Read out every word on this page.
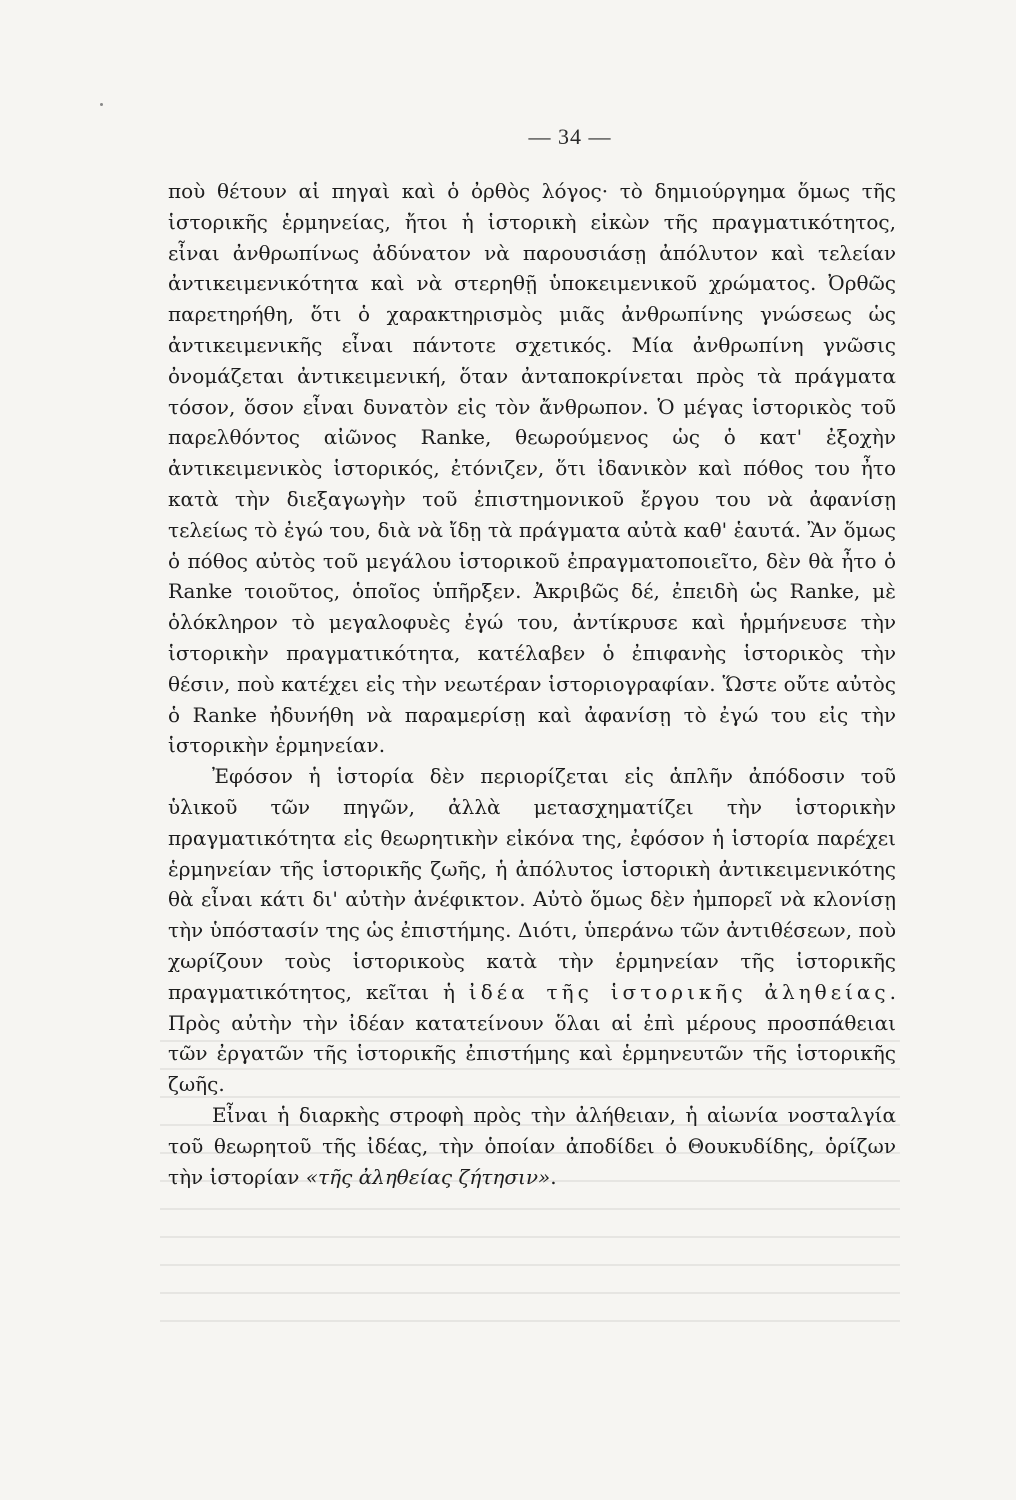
— 34 —

ποὺ θέτουν αἱ πηγαὶ καὶ ὁ ὀρθὸς λόγος· τὸ δημιούργημα ὅμως τῆς ἱστορικῆς ἑρμηνείας, ἤτοι ἡ ἱστορικὴ εἰκὼν τῆς πραγματικότητος, εἶναι ἀνθρωπίνως ἀδύνατον νὰ παρουσιάσῃ ἀπόλυτον καὶ τελείαν ἀντικειμενικότητα καὶ νὰ στερηθῇ ὑποκειμενικοῦ χρώματος. Ὀρθῶς παρετηρήθη, ὅτι ὁ χαρακτηρισμὸς μιᾶς ἀνθρωπίνης γνώσεως ὡς ἀντικειμενικῆς εἶναι πάντοτε σχετικός. Μία ἀνθρωπίνη γνῶσις ὀνομάζεται ἀντικειμενική, ὅταν ἀνταποκρίνεται πρὸς τὰ πράγματα τόσον, ὅσον εἶναι δυνατὸν εἰς τὸν ἄνθρωπον. Ὁ μέγας ἱστορικὸς τοῦ παρελθόντος αἰῶνος Ranke, θεωρούμενος ὡς ὁ κατ' ἐξοχὴν ἀντικειμενικὸς ἱστορικός, ἐτόνιζεν, ὅτι ἰδανικὸν καὶ πόθος του ἦτο κατὰ τὴν διεξαγωγὴν τοῦ ἐπιστημονικοῦ ἔργου του νὰ ἀφανίσῃ τελείως τὸ ἐγώ του, διὰ νὰ ἴδῃ τὰ πράγματα αὐτὰ καθ' ἑαυτά. Ἂν ὅμως ὁ πόθος αὐτὸς τοῦ μεγάλου ἱστορικοῦ ἐπραγματοποιεῖτο, δὲν θὰ ἦτο ὁ Ranke τοιοῦτος, ὁποῖος ὑπῆρξεν. Ἀκριβῶς δέ, ἐπειδὴ ὡς Ranke, μὲ ὁλόκληρον τὸ μεγαλοφυὲς ἐγώ του, ἀντίκρυσε καὶ ἡρμήνευσε τὴν ἱστορικὴν πραγματικότητα, κατέλαβεν ὁ ἐπιφανὴς ἱστορικὸς τὴν θέσιν, ποὺ κατέχει εἰς τὴν νεωτέραν ἱστοριογραφίαν. Ὥστε οὔτε αὐτὸς ὁ Ranke ἠδυνήθη νὰ παραμερίσῃ καὶ ἀφανίσῃ τὸ ἐγώ του εἰς τὴν ἱστορικὴν ἑρμηνείαν.

Ἐφόσον ἡ ἱστορία δὲν περιορίζεται εἰς ἁπλῆν ἀπόδοσιν τοῦ ὑλικοῦ τῶν πηγῶν, ἀλλὰ μετασχηματίζει τὴν ἱστορικὴν πραγματικότητα εἰς θεωρητικὴν εἰκόνα της, ἐφόσον ἡ ἱστορία παρέχει ἑρμηνείαν τῆς ἱστορικῆς ζωῆς, ἡ ἀπόλυτος ἱστορικὴ ἀντικειμενικότης θὰ εἶναι κάτι δι' αὐτὴν ἀνέφικτον. Αὐτὸ ὅμως δὲν ἠμπορεῖ νὰ κλονίσῃ τὴν ὑπόστασίν της ὡς ἐπιστήμης. Διότι, ὑπεράνω τῶν ἀντιθέσεων, ποὺ χωρίζουν τοὺς ἱστορικοὺς κατὰ τὴν ἑρμηνείαν τῆς ἱστορικῆς πραγματικότητος, κεῖται ἡ ἰδέα τῆς ἱστορικῆς ἀληθείας. Πρὸς αὐτὴν τὴν ἰδέαν κατατείνουν ὅλαι αἱ ἐπὶ μέρους προσπάθειαι τῶν ἐργατῶν τῆς ἱστορικῆς ἐπιστήμης καὶ ἑρμηνευτῶν τῆς ἱστορικῆς ζωῆς.

Εἶναι ἡ διαρκὴς στροφὴ πρὸς τὴν ἀλήθειαν, ἡ αἰωνία νοσταλγία τοῦ θεωρητοῦ τῆς ἰδέας, τὴν ὁποίαν ἀποδίδει ὁ Θουκυδίδης, ὁρίζων τὴν ἱστορίαν «τῆς ἀληθείας ζήτησιν».
